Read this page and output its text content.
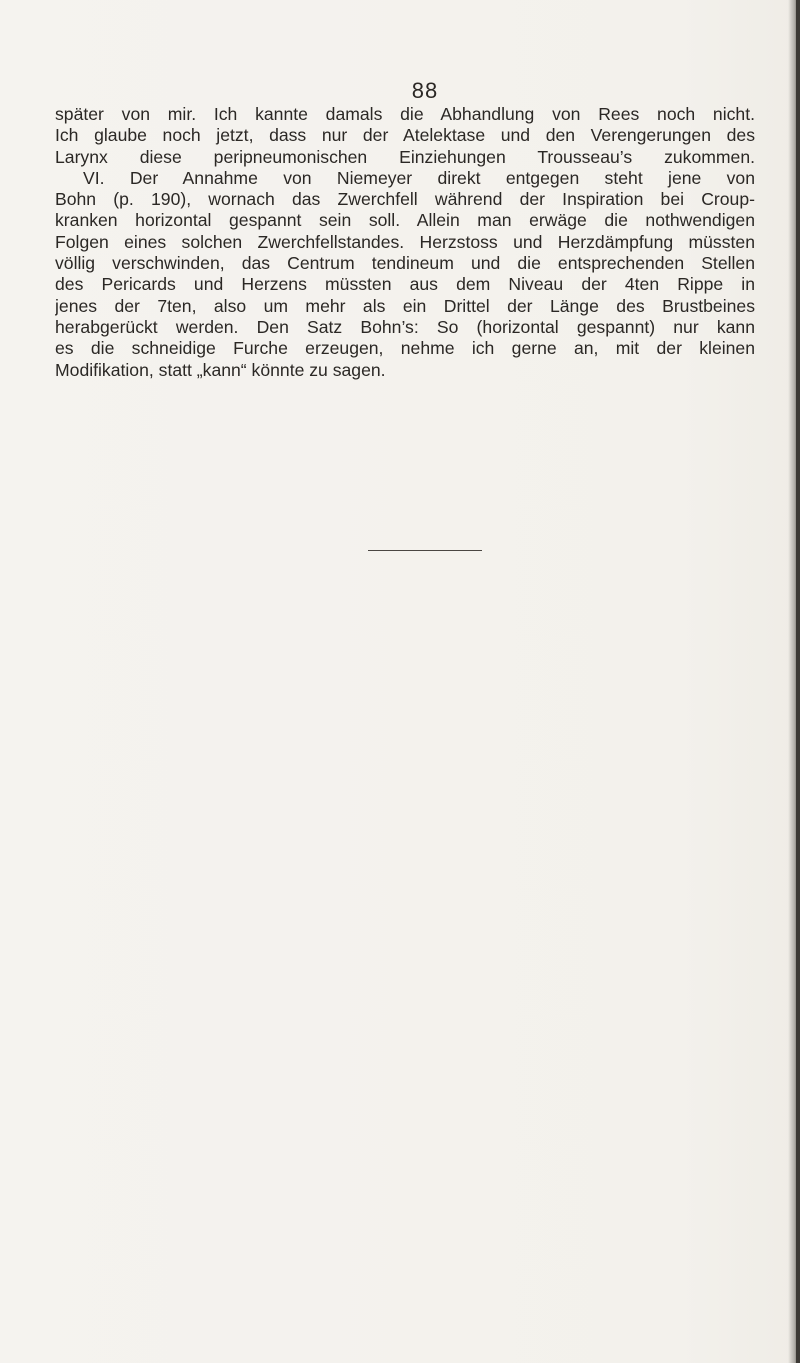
88
später von mir. Ich kannte damals die Abhandlung von Rees noch nicht.
Ich glaube noch jetzt, dass nur der Atelektase und den Verengerungen des
Larynx diese peripneumonischen Einziehungen Trousseau’s zukommen.
VI. Der Annahme von Niemeyer direkt entgegen steht jene von
Bohn (p. 190), wornach das Zwerchfell während der Inspiration bei Croup-
kranken horizontal gespannt sein soll. Allein man erwäge die nothwendigen
Folgen eines solchen Zwerchfellstandes. Herzstoss und Herzdämpfung müssten
völlig verschwinden, das Centrum tendineum und die entsprechenden Stellen
des Pericards und Herzens müssten aus dem Niveau der 4ten Rippe in
jenes der 7ten, also um mehr als ein Drittel der Länge des Brustbeines
herabgerückt werden. Den Satz Bohn’s: So (horizontal gespannt) nur kann
es die schneidige Furche erzeugen, nehme ich gerne an, mit der kleinen
Modifikation, statt „kann“ könnte zu sagen.
